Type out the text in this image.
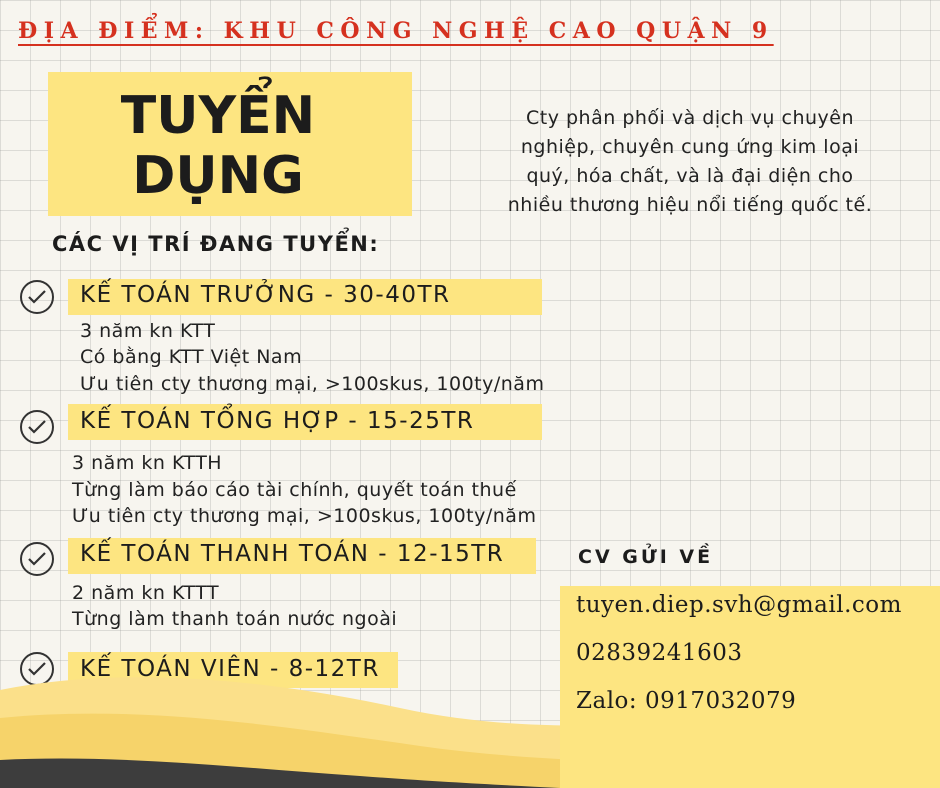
ĐỊA ĐIỂM: KHU CÔNG NGHỆ CAO QUẬN 9
TUYỂN
DỤNG
Cty phân phối và dịch vụ chuyên
nghiệp, chuyên cung ứng kim loại
quý, hóa chất, và là đại diện cho
nhiều thương hiệu nổi tiếng quốc tế.
CÁC VỊ TRÍ ĐANG TUYỂN:
KẾ TOÁN TRƯỞNG - 30-40TR
3 năm kn KTT
Có bằng KTT Việt Nam
Ưu tiên cty thương mại, >100skus, 100ty/năm
KẾ TOÁN TỔNG HỢP - 15-25TR
3 năm kn KTTH
Từng làm báo cáo tài chính, quyết toán thuế
Ưu tiên cty thương mại, >100skus, 100ty/năm
KẾ TOÁN THANH TOÁN - 12-15TR
2 năm kn KTTT
Từng làm thanh toán nước ngoài
KẾ TOÁN VIÊN - 8-12TR
CV GỬI VỀ
tuyen.diep.svh@gmail.com
02839241603
Zalo: 0917032079
